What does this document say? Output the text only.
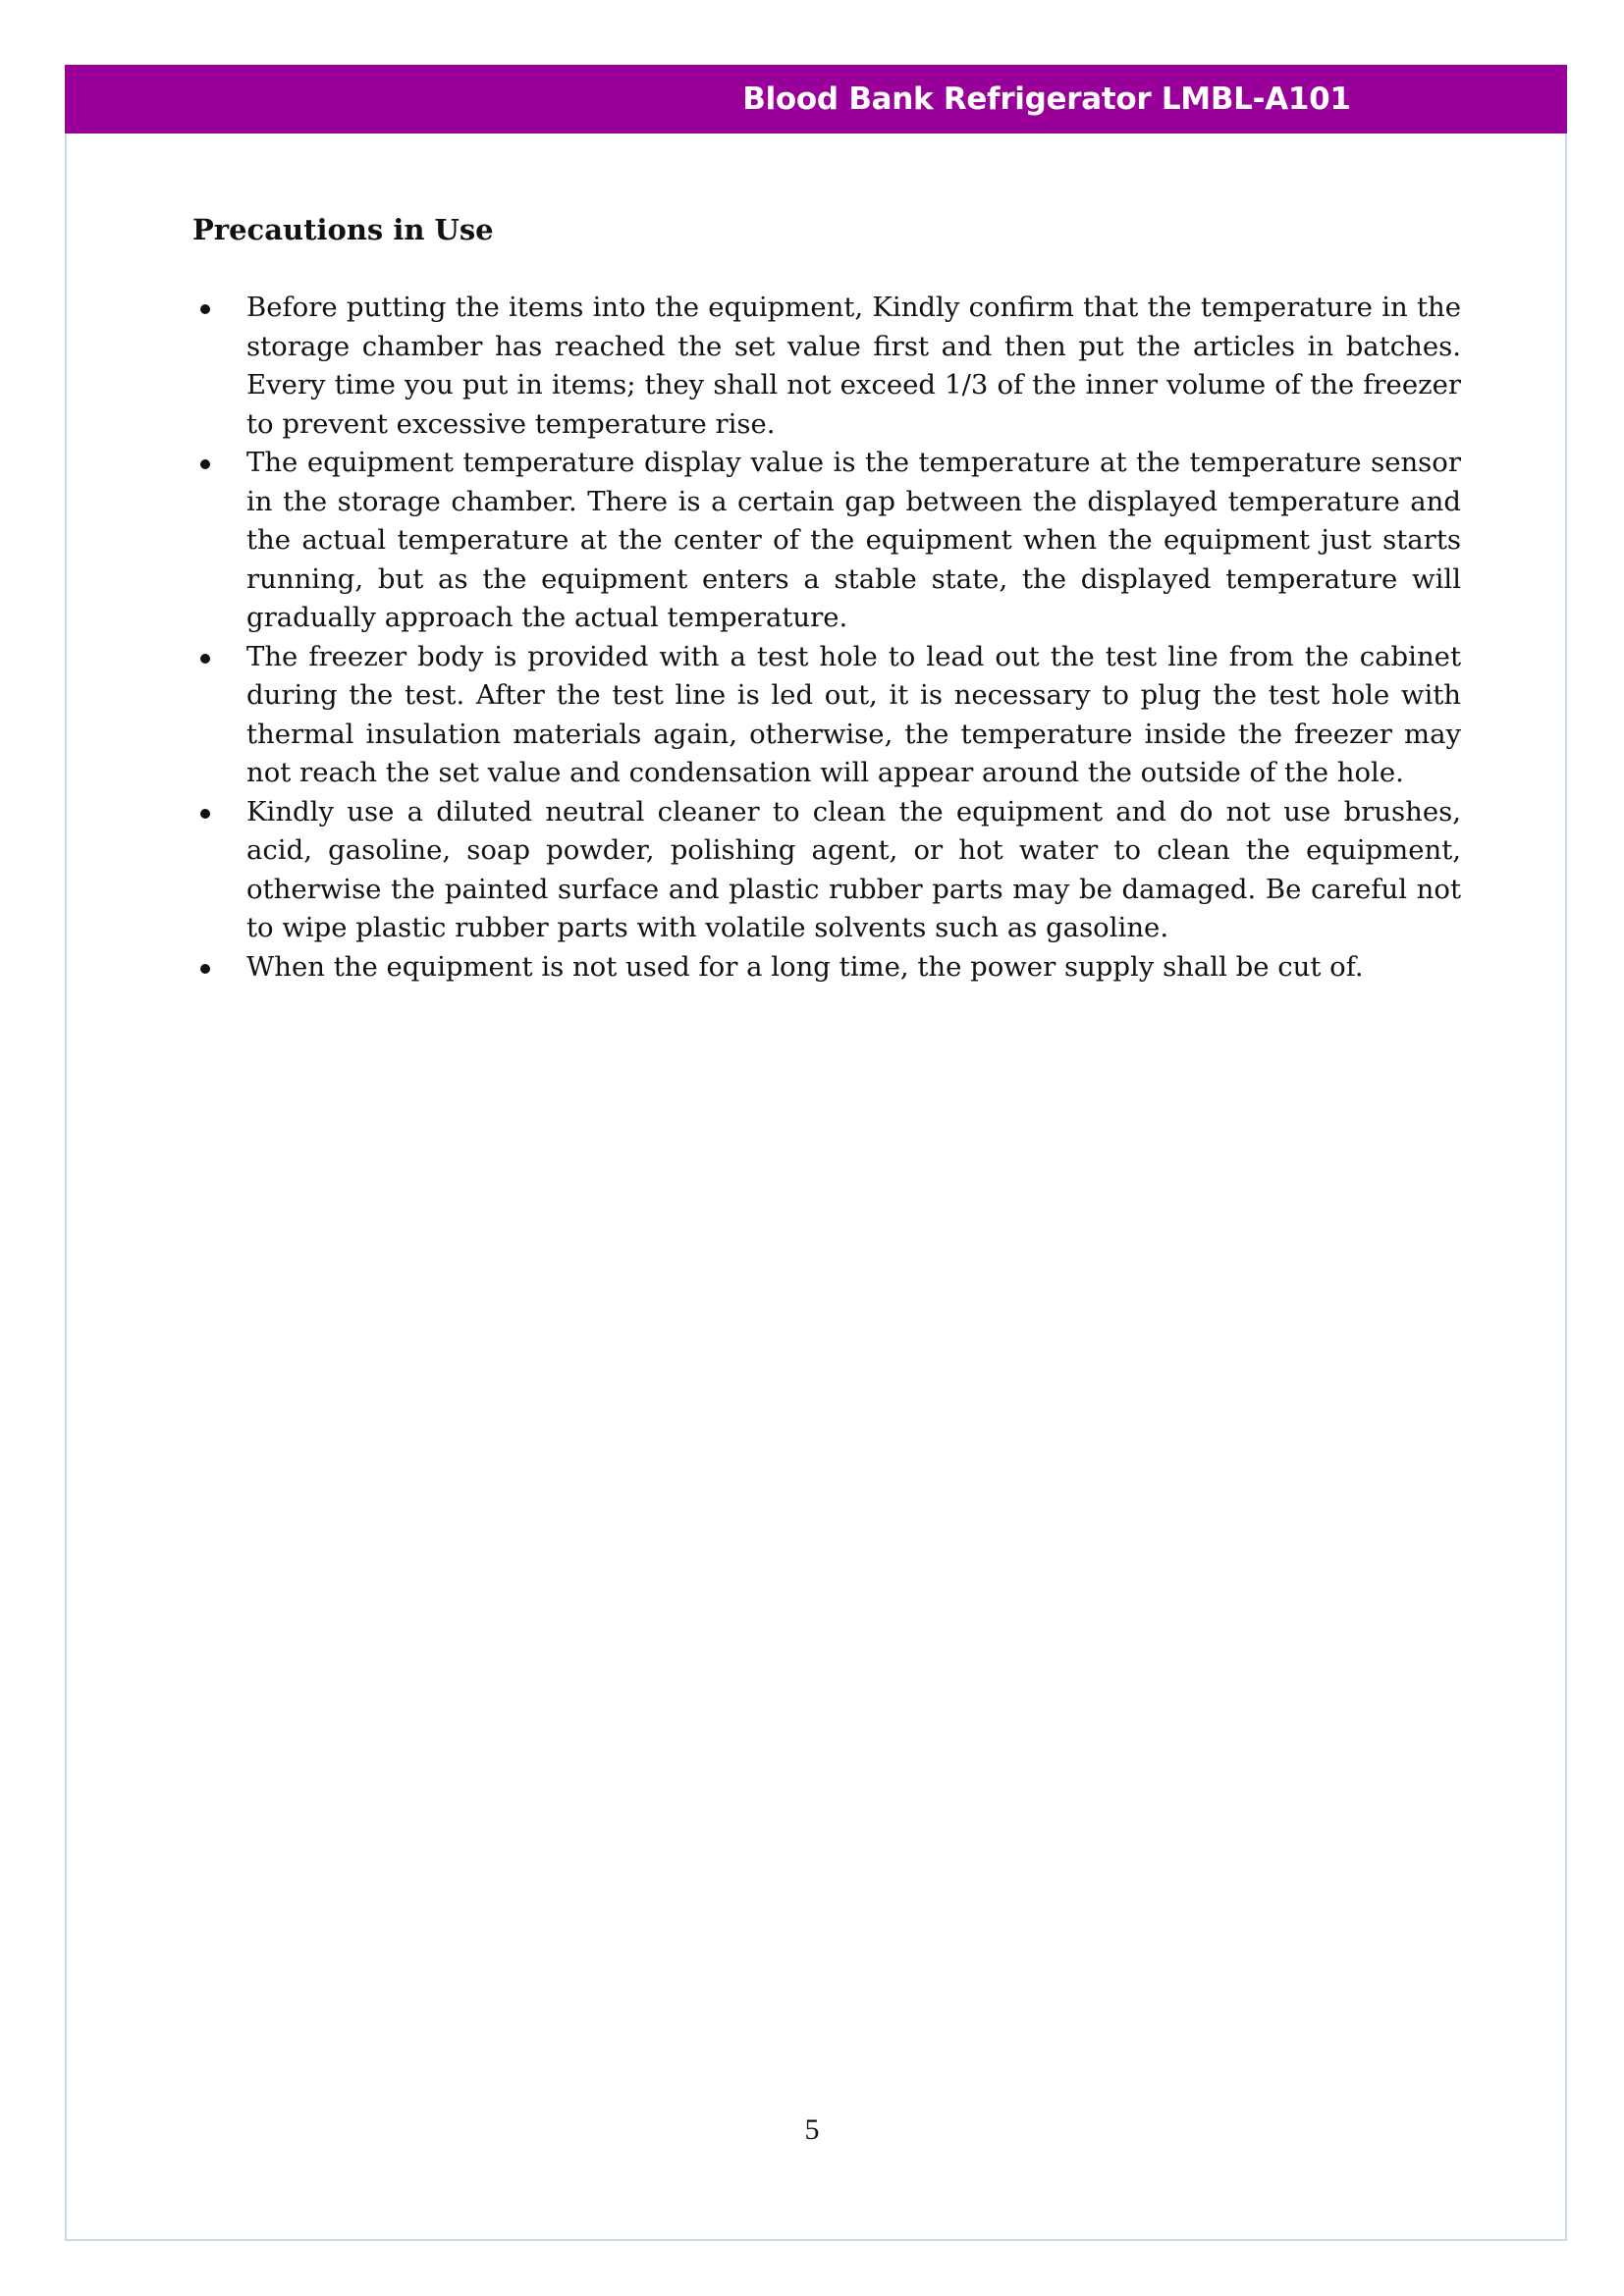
Blood Bank Refrigerator LMBL-A101
Precautions in Use
Before putting the items into the equipment, Kindly confirm that the temperature in the storage chamber has reached the set value first and then put the articles in batches. Every time you put in items; they shall not exceed 1/3 of the inner volume of the freezer to prevent excessive temperature rise.
The equipment temperature display value is the temperature at the temperature sensor in the storage chamber. There is a certain gap between the displayed temperature and the actual temperature at the center of the equipment when the equipment just starts running, but as the equipment enters a stable state, the displayed temperature will gradually approach the actual temperature.
The freezer body is provided with a test hole to lead out the test line from the cabinet during the test. After the test line is led out, it is necessary to plug the test hole with thermal insulation materials again, otherwise, the temperature inside the freezer may not reach the set value and condensation will appear around the outside of the hole.
Kindly use a diluted neutral cleaner to clean the equipment and do not use brushes, acid, gasoline, soap powder, polishing agent, or hot water to clean the equipment, otherwise the painted surface and plastic rubber parts may be damaged. Be careful not to wipe plastic rubber parts with volatile solvents such as gasoline.
When the equipment is not used for a long time, the power supply shall be cut of.
5
